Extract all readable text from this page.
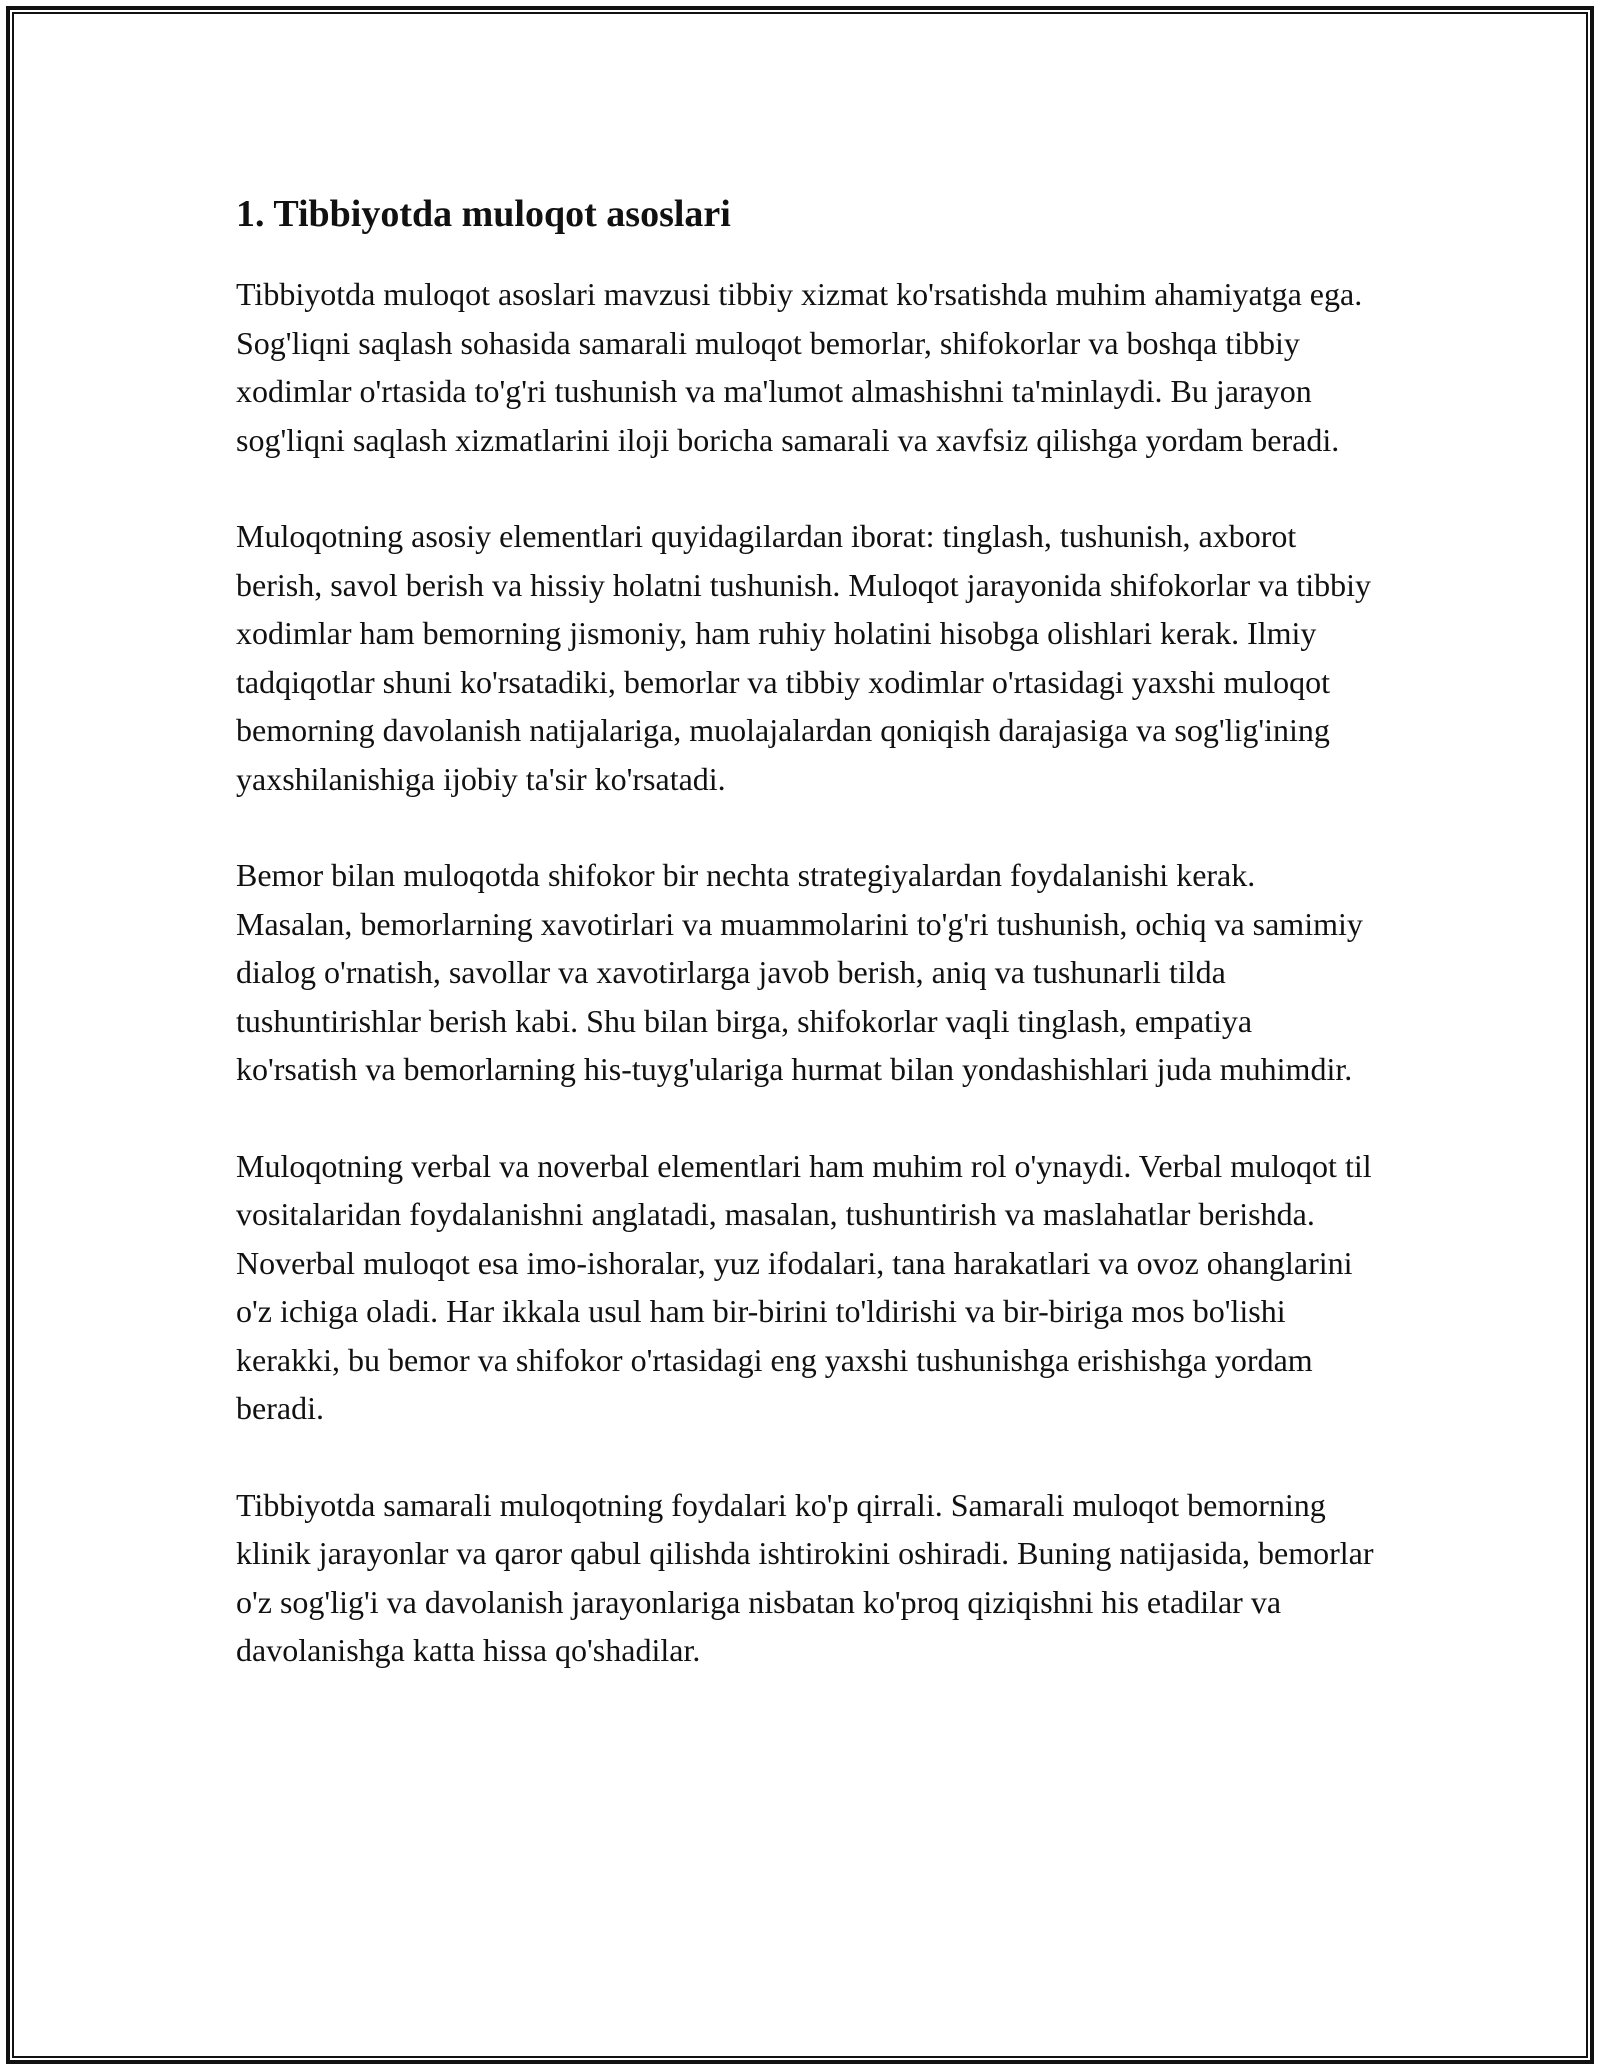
1. Tibbiyotda muloqot asoslari

Tibbiyotda muloqot asoslari mavzusi tibbiy xizmat ko'rsatishda muhim ahamiyatga ega. Sog'liqni saqlash sohasida samarali muloqot bemorlar, shifokorlar va boshqa tibbiy xodimlar o'rtasida to'g'ri tushunish va ma'lumot almashishni ta'minlaydi. Bu jarayon sog'liqni saqlash xizmatlarini iloji boricha samarali va xavfsiz qilishga yordam beradi.

Muloqotning asosiy elementlari quyidagilardan iborat: tinglash, tushunish, axborot berish, savol berish va hissiy holatni tushunish. Muloqot jarayonida shifokorlar va tibbiy xodimlar ham bemorning jismoniy, ham ruhiy holatini hisobga olishlari kerak. Ilmiy tadqiqotlar shuni ko'rsatadiki, bemorlar va tibbiy xodimlar o'rtasidagi yaxshi muloqot bemorning davolanish natijalariga, muolajalardan qoniqish darajasiga va sog'lig'ining yaxshilanishiga ijobiy ta'sir ko'rsatadi.

Bemor bilan muloqotda shifokor bir nechta strategiyalardan foydalanishi kerak. Masalan, bemorlarning xavotirlari va muammolarini to'g'ri tushunish, ochiq va samimiy dialog o'rnatish, savollar va xavotirlarga javob berish, aniq va tushunarli tilda tushuntirishlar berish kabi. Shu bilan birga, shifokorlar vaqli tinglash, empatiya ko'rsatish va bemorlarning his-tuyg'ulariga hurmat bilan yondashishlari juda muhimdir.

Muloqotning verbal va noverbal elementlari ham muhim rol o'ynaydi. Verbal muloqot til vositalaridan foydalanishni anglatadi, masalan, tushuntirish va maslahatlar berishda. Noverbal muloqot esa imo-ishoralar, yuz ifodalari, tana harakatlari va ovoz ohanglarini o'z ichiga oladi. Har ikkala usul ham bir-birini to'ldirishi va bir-biriga mos bo'lishi kerakki, bu bemor va shifokor o'rtasidagi eng yaxshi tushunishga erishishga yordam beradi.

Tibbiyotda samarali muloqotning foydalari ko'p qirrali. Samarali muloqot bemorning klinik jarayonlar va qaror qabul qilishda ishtirokini oshiradi. Buning natijasida, bemorlar o'z sog'lig'i va davolanish jarayonlariga nisbatan ko'proq qiziqishni his etadilar va davolanishga katta hissa qo'shadilar.
